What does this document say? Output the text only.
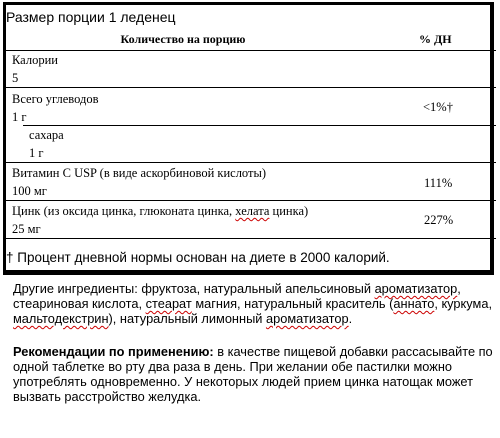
Размер порции 1 леденец
Количество на порцию	% ДН
Калории
5
Всего углеводов
1 г
<1%†
сахара
1 г
Витамин С USP (в виде аскорбиновой кислоты)
100 мг
111%
Цинк (из оксида цинка, глюконата цинка, хелата цинка)
25 мг
227%
† Процент дневной нормы основан на диете в 2000 калорий.
Другие ингредиенты: фруктоза, натуральный апельсиновый ароматизатор,
стеариновая кислота, стеарат магния, натуральный краситель (аннато, куркума,
мальтодекстрин), натуральный лимонный ароматизатор.
Рекомендации по применению: в качестве пищевой добавки рассасывайте по
одной таблетке во рту два раза в день. При желании обе пастилки можно
употреблять одновременно. У некоторых людей прием цинка натощак может
вызвать расстройство желудка.
